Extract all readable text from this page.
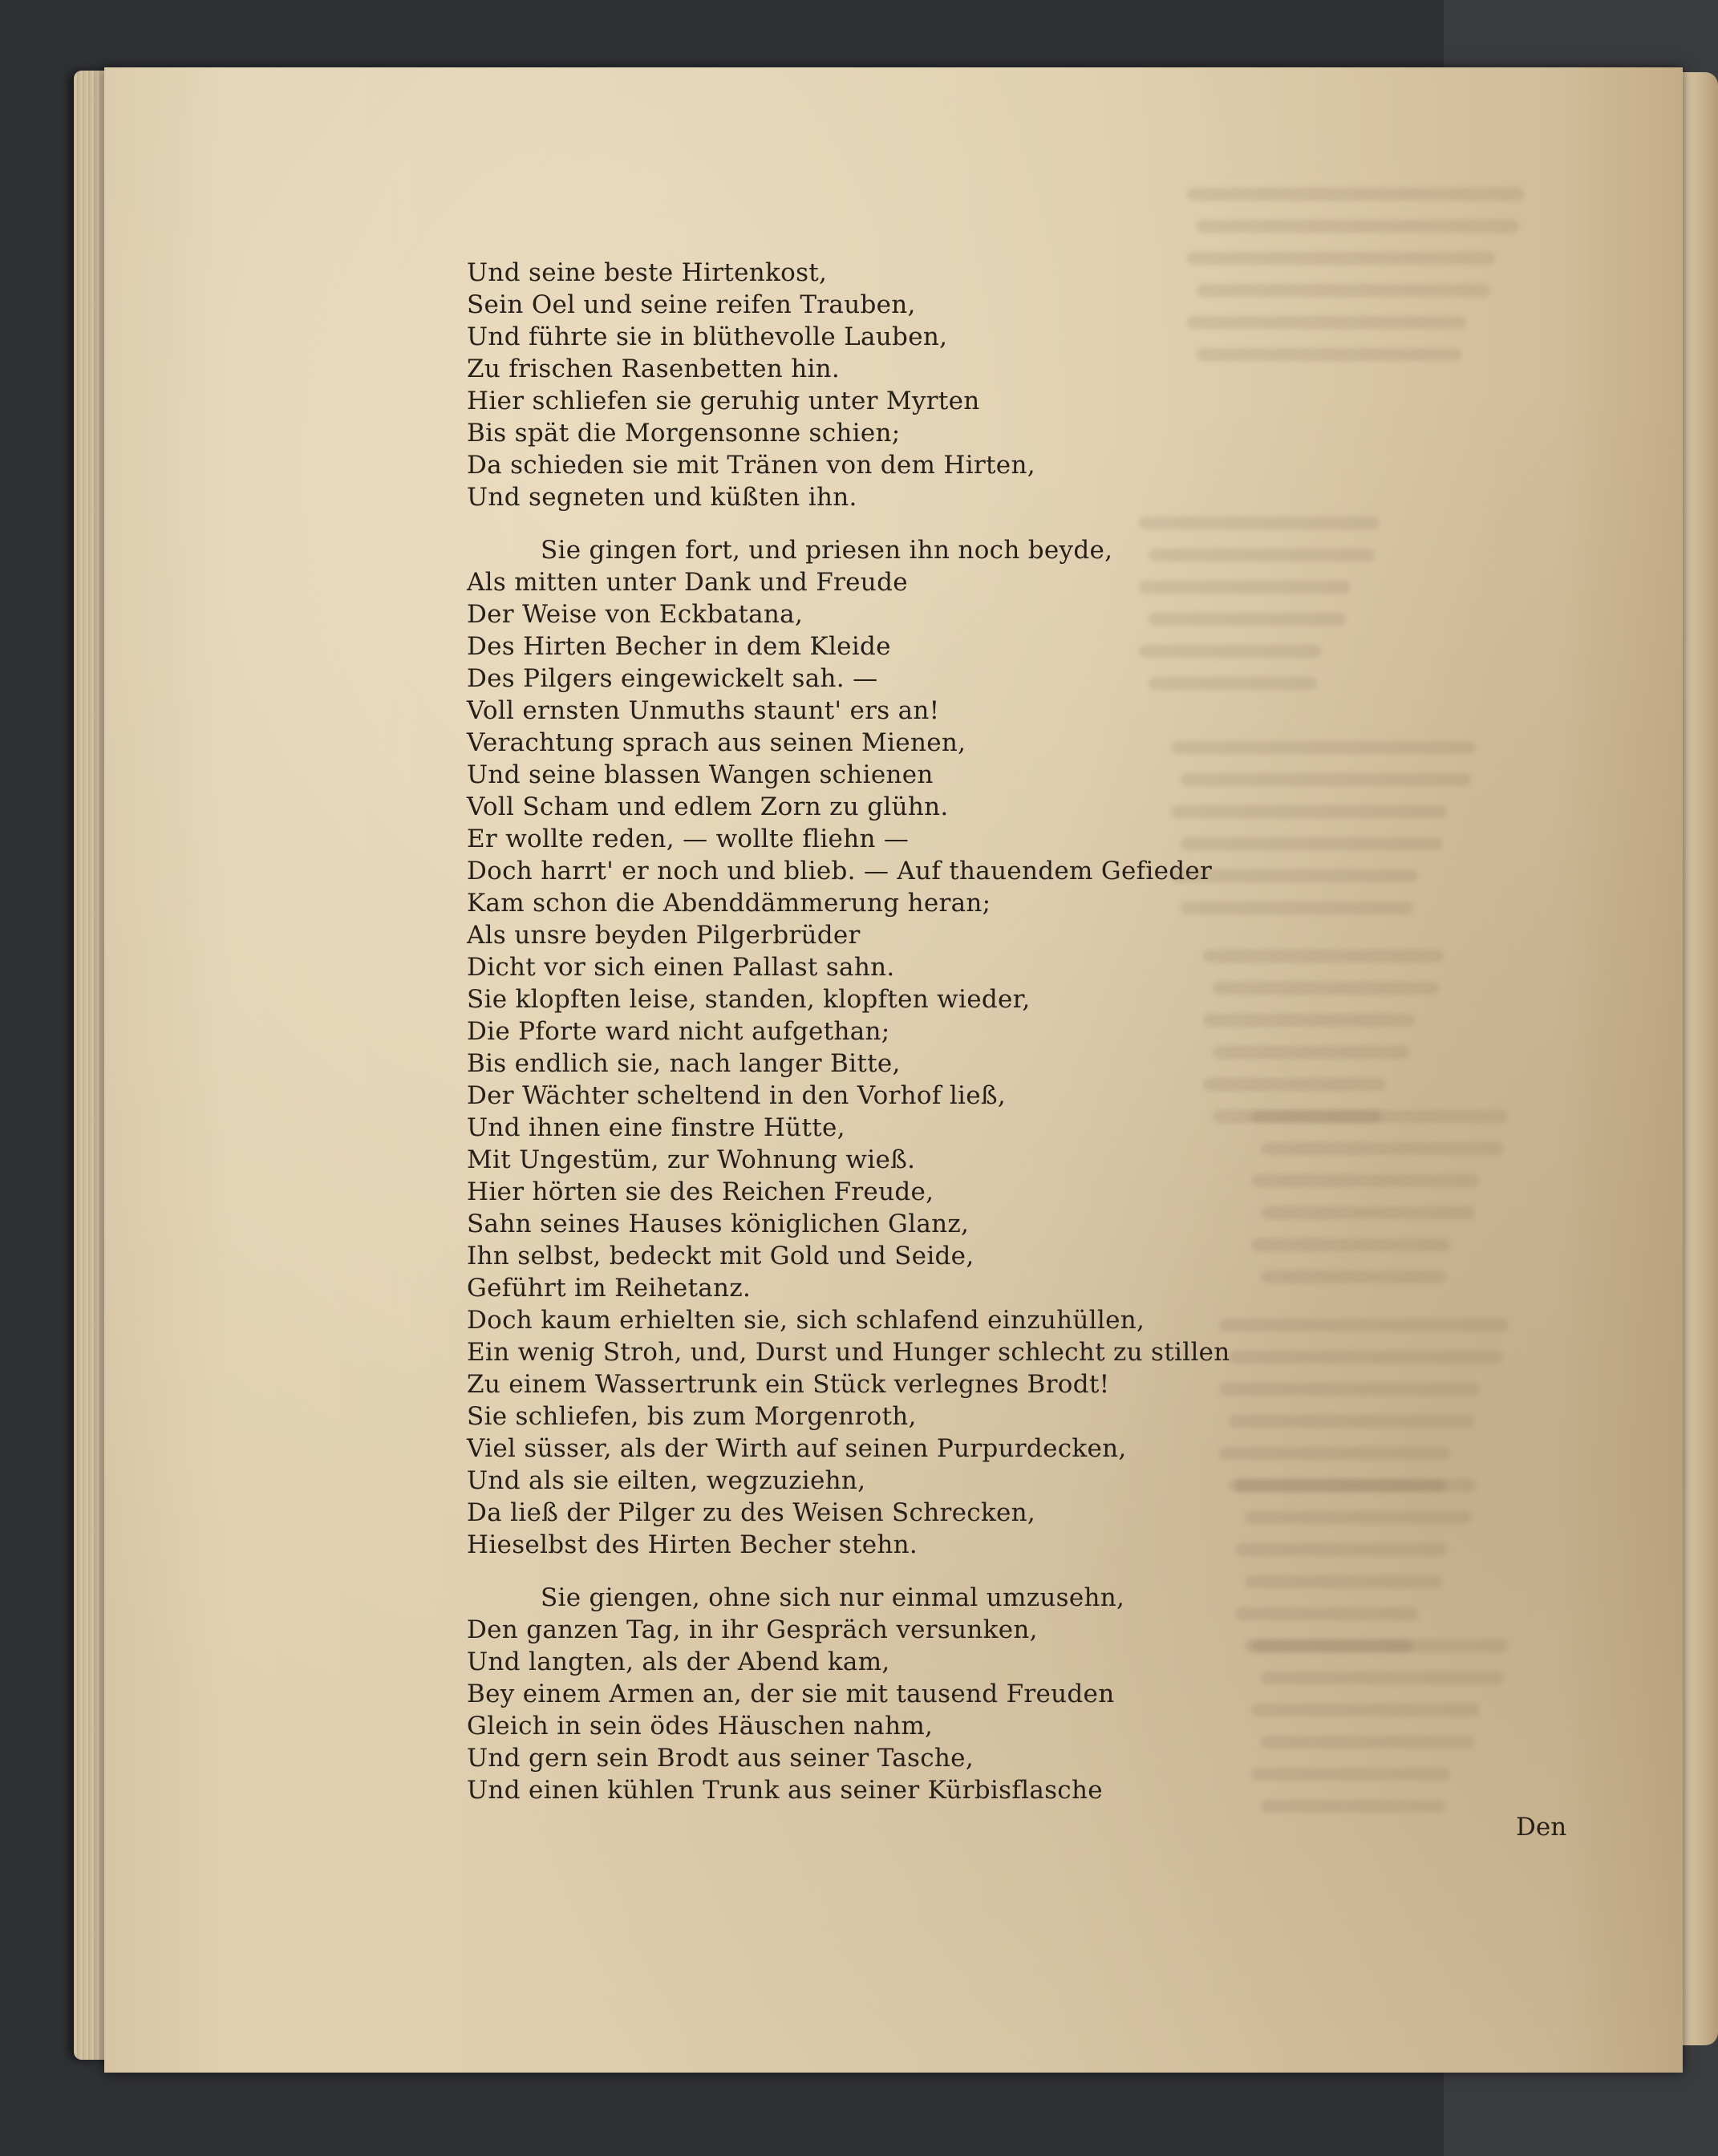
Und seine beste Hirtenkost,
Sein Oel und seine reifen Trauben,
Und führte sie in blüthevolle Lauben,
Zu frischen Rasenbetten hin.
Hier schliefen sie geruhig unter Myrten
Bis spät die Morgensonne schien;
Da schieden sie mit Tränen von dem Hirten,
Und segneten und küßten ihn.
Sie gingen fort, und priesen ihn noch beyde,
Als mitten unter Dank und Freude
Der Weise von Eckbatana,
Des Hirten Becher in dem Kleide
Des Pilgers eingewickelt sah. —
Voll ernsten Unmuths staunt' ers an!
Verachtung sprach aus seinen Mienen,
Und seine blassen Wangen schienen
Voll Scham und edlem Zorn zu glühn.
Er wollte reden, — wollte fliehn —
Doch harrt' er noch und blieb. — Auf thauendem Gefieder
Kam schon die Abenddämmerung heran;
Als unsre beyden Pilgerbrüder
Dicht vor sich einen Pallast sahn.
Sie klopften leise, standen, klopften wieder,
Die Pforte ward nicht aufgethan;
Bis endlich sie, nach langer Bitte,
Der Wächter scheltend in den Vorhof ließ,
Und ihnen eine finstre Hütte,
Mit Ungestüm, zur Wohnung wieß.
Hier hörten sie des Reichen Freude,
Sahn seines Hauses königlichen Glanz,
Ihn selbst, bedeckt mit Gold und Seide,
Geführt im Reihetanz.
Doch kaum erhielten sie, sich schlafend einzuhüllen,
Ein wenig Stroh, und, Durst und Hunger schlecht zu stillen
Zu einem Wassertrunk ein Stück verlegnes Brodt!
Sie schliefen, bis zum Morgenroth,
Viel süsser, als der Wirth auf seinen Purpurdecken,
Und als sie eilten, wegzuziehn,
Da ließ der Pilger zu des Weisen Schrecken,
Hieselbst des Hirten Becher stehn.
Sie giengen, ohne sich nur einmal umzusehn,
Den ganzen Tag, in ihr Gespräch versunken,
Und langten, als der Abend kam,
Bey einem Armen an, der sie mit tausend Freuden
Gleich in sein ödes Häuschen nahm,
Und gern sein Brodt aus seiner Tasche,
Und einen kühlen Trunk aus seiner Kürbisflasche
Den
